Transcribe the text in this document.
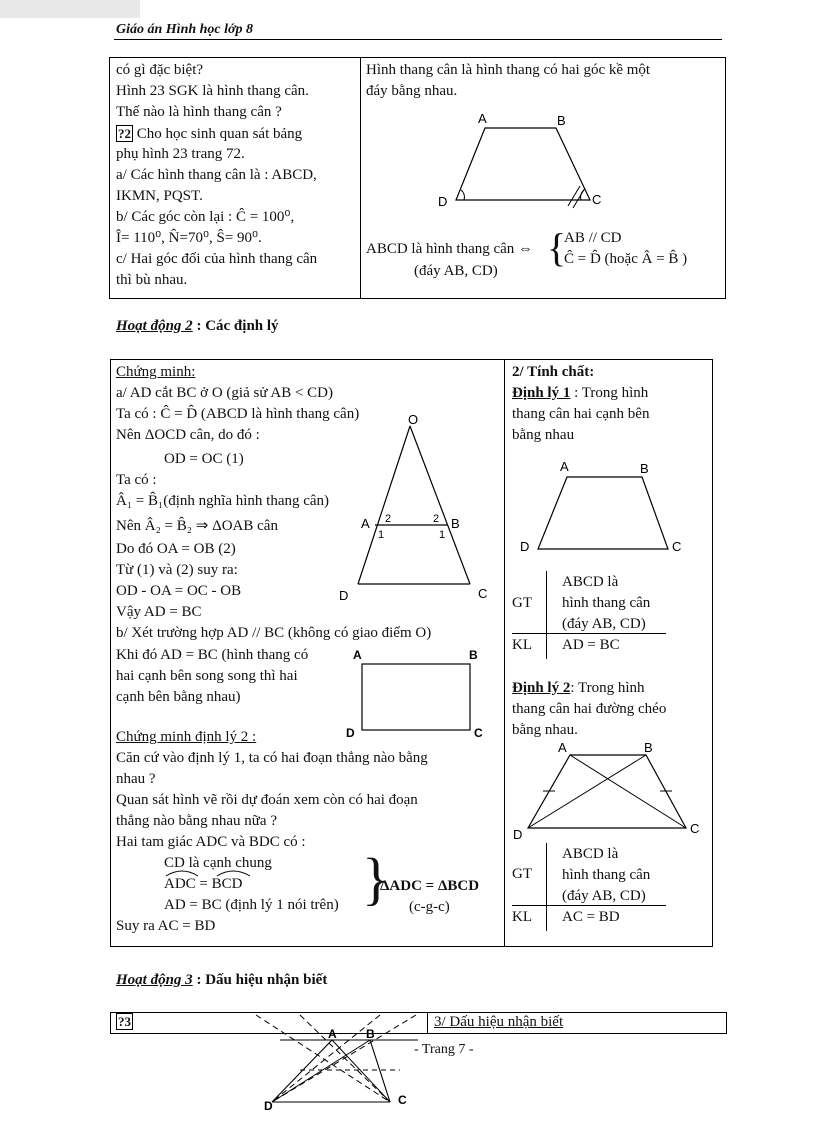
Giáo án Hình học lớp 8
có gì đặc biệt?
Hình 23 SGK là hình thang cân.
Thế nào là hình thang cân ?
?2 Cho học sinh quan sát bảng
phụ hình 23 trang 72.
a/ Các hình thang cân là : ABCD,
IKMN, PQST.
b/ Các góc còn lại : Ĉ = 100⁰,
Î= 110⁰, N̂=70⁰, Ŝ= 90⁰.
c/ Hai góc đối của hình thang cân
thì bù nhau.
Hình thang cân là hình thang có hai góc kề một
đáy bằng nhau.
A	B
C
D
ABCD là hình thang cân ⇔ {
AB // CD
Ĉ = D̂ (hoặc Â = B̂ )
(đáy AB, CD)
Hoạt động 2 : Các định lý
Chứng minh:
a/ AD cắt BC ở O (giả sử AB < CD)
Ta có : Ĉ = D̂ (ABCD là hình thang cân)
Nên ΔOCD cân, do đó :
OD = OC (1)
Ta có :
Â₁ = B̂₁(định nghĩa hình thang cân)
Nên Â₂ = B̂₂ ⇒ ΔOAB cân
Do đó OA = OB (2)
Từ (1) và (2) suy ra:
OD - OA = OC - OB
Vậy AD = BC
b/ Xét trường hợp AD // BC (không có giao điểm O)
Khi đó AD = BC (hình thang có
hai cạnh bên song song thì hai
cạnh bên bằng nhau)
Chứng minh định lý 2 :
Căn cứ vào định lý 1, ta có hai đoạn thẳng nào bằng
nhau ?
Quan sát hình vẽ rồi dự đoán xem còn có hai đoạn
thẳng nào bằng nhau nữa ?
Hai tam giác ADC và BDC có :
CD là cạnh chung
ADC = BCD
AD = BC (định lý 1 nói trên) }
ΔADC = ΔBCD
(c-g-c)
Suy ra AC = BD
O
A	B
D	C
2	2
1	1
A	B
D	C
2/ Tính chất:
Định lý 1 : Trong hình
thang cân hai cạnh bên
bằng nhau
A	B
D	C
GT
ABCD là
hình thang cân
(đáy AB, CD)
KL AD = BC
Định lý 2: Trong hình
thang cân hai đường chéo
bằng nhau.
A	B
D	C
GT
ABCD là
hình thang cân
(đáy AB, CD)
KL AC = BD
Hoạt động 3 : Dấu hiệu nhận biết
?3	3/ Dấu hiệu nhận biết
A B
D	C
- Trang 7 -
